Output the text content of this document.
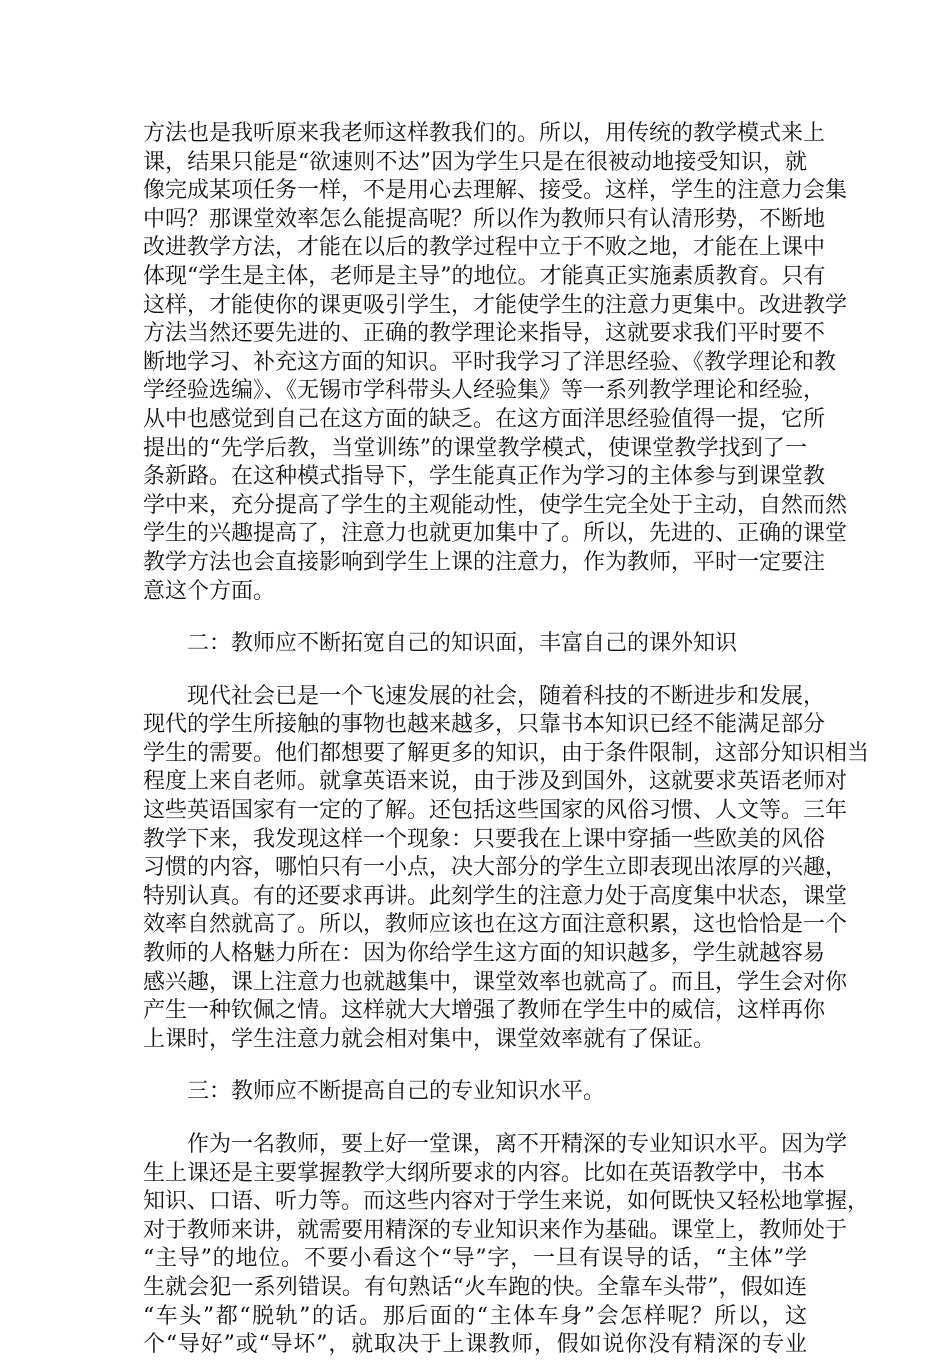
方法也是我听原来我老师这样教我们的。所以，用传统的教学模式来上
课，结果只能是“欲速则不达”因为学生只是在很被动地接受知识，就
像完成某项任务一样，不是用心去理解、接受。这样，学生的注意力会集
中吗？那课堂效率怎么能提高呢？所以作为教师只有认清形势，不断地
改进教学方法，才能在以后的教学过程中立于不败之地，才能在上课中
体现“学生是主体，老师是主导”的地位。才能真正实施素质教育。只有
这样，才能使你的课更吸引学生，才能使学生的注意力更集中。改进教学
方法当然还要先进的、正确的教学理论来指导，这就要求我们平时要不
断地学习、补充这方面的知识。平时我学习了洋思经验、《教学理论和教
学经验选编》、《无锡市学科带头人经验集》等一系列教学理论和经验，
从中也感觉到自己在这方面的缺乏。在这方面洋思经验值得一提，它所
提出的“先学后教，当堂训练”的课堂教学模式，使课堂教学找到了一
条新路。在这种模式指导下，学生能真正作为学习的主体参与到课堂教
学中来，充分提高了学生的主观能动性，使学生完全处于主动，自然而然
学生的兴趣提高了，注意力也就更加集中了。所以，先进的、正确的课堂
教学方法也会直接影响到学生上课的注意力，作为教师，平时一定要注
意这个方面。
二：教师应不断拓宽自己的知识面，丰富自己的课外知识
现代社会已是一个飞速发展的社会，随着科技的不断进步和发展，
现代的学生所接触的事物也越来越多，只靠书本知识已经不能满足部分
学生的需要。他们都想要了解更多的知识，由于条件限制，这部分知识相当
程度上来自老师。就拿英语来说，由于涉及到国外，这就要求英语老师对
这些英语国家有一定的了解。还包括这些国家的风俗习惯、人文等。三年
教学下来，我发现这样一个现象：只要我在上课中穿插一些欧美的风俗
习惯的内容，哪怕只有一小点，决大部分的学生立即表现出浓厚的兴趣，
特别认真。有的还要求再讲。此刻学生的注意力处于高度集中状态，课堂
效率自然就高了。所以，教师应该也在这方面注意积累，这也恰恰是一个
教师的人格魅力所在：因为你给学生这方面的知识越多，学生就越容易
感兴趣，课上注意力也就越集中，课堂效率也就高了。而且，学生会对你
产生一种钦佩之情。这样就大大增强了教师在学生中的威信，这样再你
上课时，学生注意力就会相对集中，课堂效率就有了保证。
三：教师应不断提高自己的专业知识水平。
作为一名教师，要上好一堂课，离不开精深的专业知识水平。因为学
生上课还是主要掌握教学大纲所要求的内容。比如在英语教学中，书本
知识、口语、听力等。而这些内容对于学生来说，如何既快又轻松地掌握，
对于教师来讲，就需要用精深的专业知识来作为基础。课堂上，教师处于
“主导”的地位。不要小看这个“导”字，一旦有误导的话，“主体”学
生就会犯一系列错误。有句熟话“火车跑的快。全靠车头带”，假如连
“车头”都“脱轨”的话。那后面的“主体车身”会怎样呢？所以，这
个“导好”或“导坏”，就取决于上课教师，假如说你没有精深的专业
